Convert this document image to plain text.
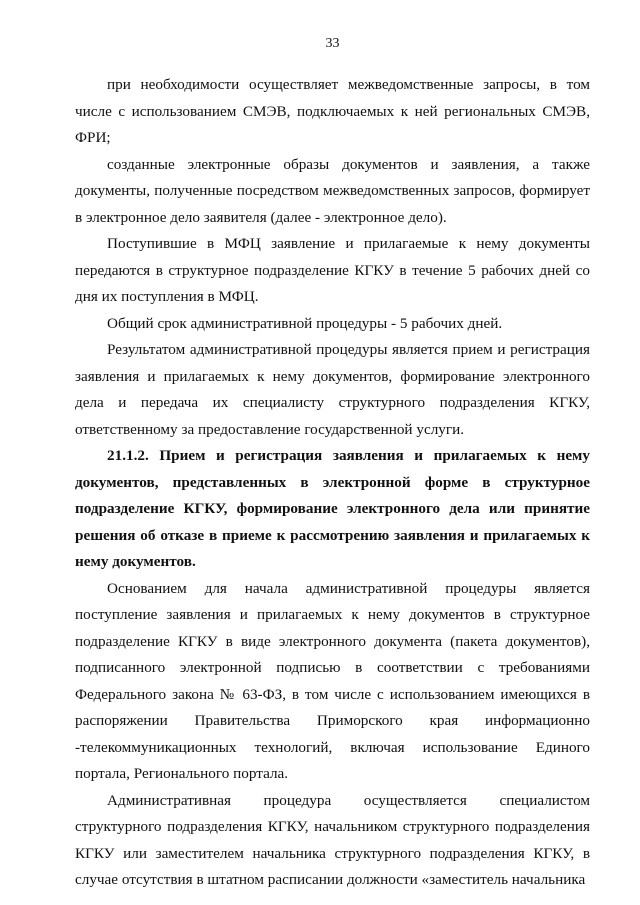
33

при необходимости осуществляет межведомственные запросы, в том числе с использованием СМЭВ, подключаемых к ней региональных СМЭВ, ФРИ;

созданные электронные образы документов и заявления, а также документы, полученные посредством межведомственных запросов, формирует в электронное дело заявителя (далее - электронное дело).

Поступившие в МФЦ заявление и прилагаемые к нему документы передаются в структурное подразделение КГКУ в течение 5 рабочих дней со дня их поступления в МФЦ.

Общий срок административной процедуры - 5 рабочих дней.

Результатом административной процедуры является прием и регистрация заявления и прилагаемых к нему документов, формирование электронного дела и передача их специалисту структурного подразделения КГКУ, ответственному за предоставление государственной услуги.

21.1.2. Прием и регистрация заявления и прилагаемых к нему документов, представленных в электронной форме в структурное подразделение КГКУ, формирование электронного дела или принятие решения об отказе в приеме к рассмотрению заявления и прилагаемых к нему документов.

Основанием для начала административной процедуры является поступление заявления и прилагаемых к нему документов в структурное подразделение КГКУ в виде электронного документа (пакета документов), подписанного электронной подписью в соответствии с требованиями Федерального закона № 63-ФЗ, в том числе с использованием имеющихся в распоряжении Правительства Приморского края информационно -телекоммуникационных технологий, включая использование Единого портала, Регионального портала.

Административная процедура осуществляется специалистом структурного подразделения КГКУ, начальником структурного подразделения КГКУ или заместителем начальника структурного подразделения КГКУ, в случае отсутствия в штатном расписании должности «заместитель начальника
